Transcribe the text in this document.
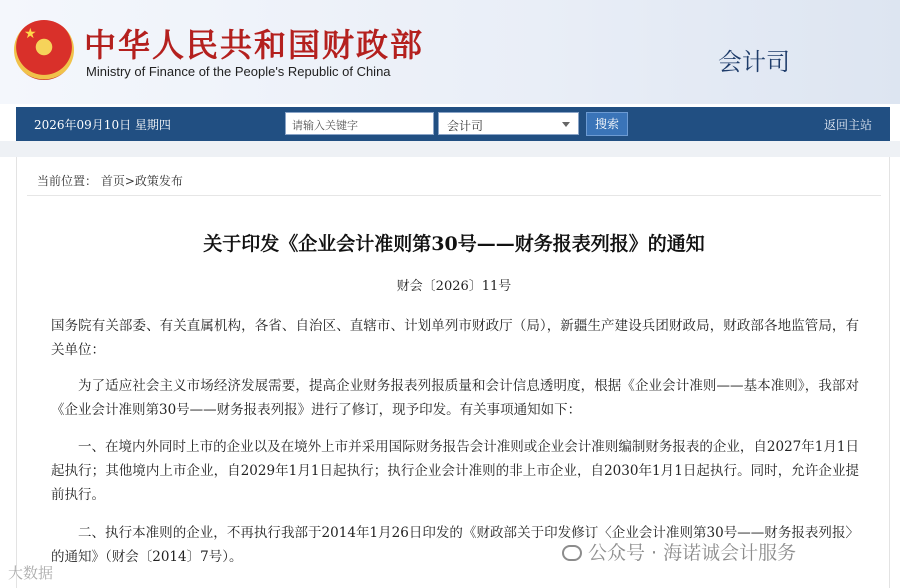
★ 中华人民共和国财政部
Ministry of Finance of the People's Republic of China	会计司
2026年09月10日 星期四	请输入关键字	会计司	搜索	返回主站
当前位置： 首页>政策发布
关于印发《企业会计准则第30号——财务报表列报》的通知
财会〔2026〕11号
国务院有关部委、有关直属机构，各省、自治区、直辖市、计划单列市财政厅（局），新疆生产建设兵团财政局，财政部各地监管局，有关单位：
为了适应社会主义市场经济发展需要，提高企业财务报表列报质量和会计信息透明度，根据《企业会计准则——基本准则》，我部对《企业会计准则第30号——财务报表列报》进行了修订，现予印发。有关事项通知如下：
一、在境内外同时上市的企业以及在境外上市并采用国际财务报告会计准则或企业会计准则编制财务报表的企业，自2027年1月1日起执行；其他境内上市企业，自2029年1月1日起执行；执行企业会计准则的非上市企业，自2030年1月1日起执行。同时，允许企业提前执行。
二、执行本准则的企业，不再执行我部于2014年1月26日印发的《财政部关于印发修订〈企业会计准则第30号——财务报表列报〉的通知》（财会〔2014〕7号）。	公众号 · 海诺诚会计服务
大数据
